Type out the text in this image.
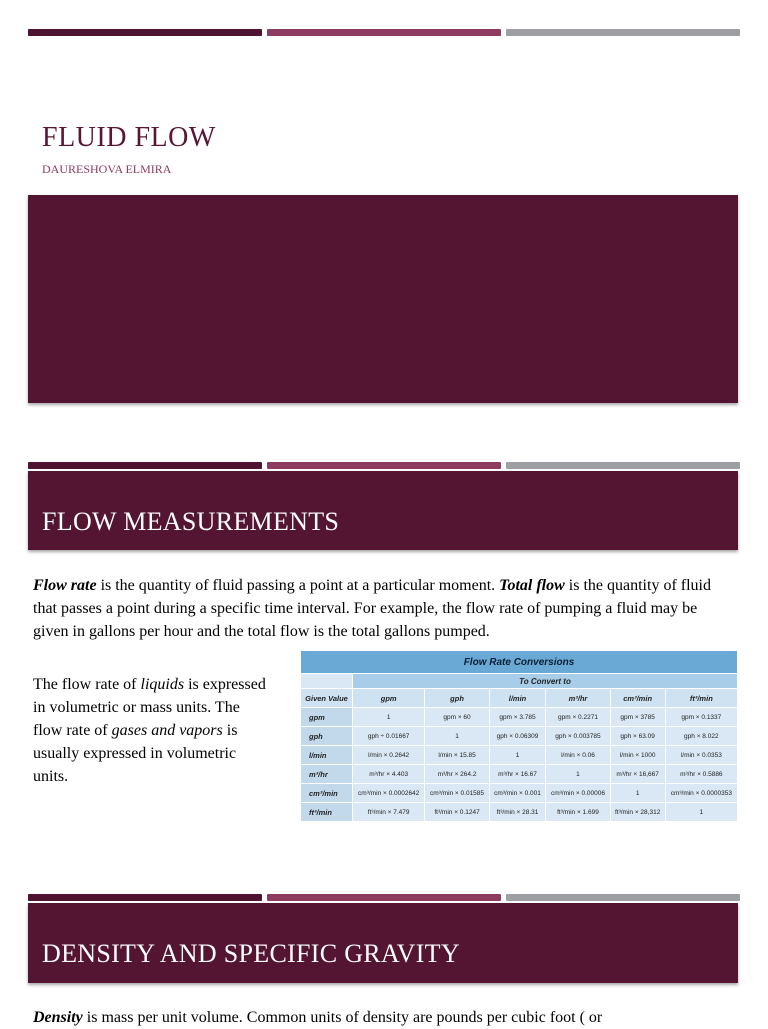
FLUID FLOW
DAURESHOVA ELMIRA
FLOW MEASUREMENTS
Flow rate is the quantity of fluid passing a point at a particular moment. Total flow is the quantity of fluid that passes a point during a specific time interval. For example, the flow rate of pumping a fluid may be given in gallons per hour and the total flow is the total gallons pumped.
The flow rate of liquids is expressed in volumetric or mass units. The flow rate of gases and vapors is usually expressed in volumetric units.
Flow Rate Conversions						
	To Convert to					
Given Value	gpm	gph	l/min	m³/hr	cm³/min	ft³/min
gpm	1	gpm × 60	gpm × 3.785	gpm × 0.2271	gpm × 3785	gpm × 0.1337
gph	gph ÷ 0.01667	1	gph × 0.06309	gph × 0.003785	gph × 63.09	gph × 8.022
l/min	l/min × 0.2642	l/min × 15.85	1	l/min × 0.06	l/min × 1000	l/min × 0.0353
m³/hr	m³/hr × 4.403	m³/hr × 264.2	m³/hr × 16.67	1	m³/hr × 16,667	m³/hr × 0.5886
cm³/min	cm³/min × 0.0002642	cm³/min × 0.01585	cm³/min × 0.001	cm³/min × 0.00006	1	cm³/min × 0.0000353
ft³/min	ft³/min × 7.479	ft³/min × 0.1247	ft³/min × 28.31	ft³/min × 1.699	ft³/min × 28,312	1
DENSITY AND SPECIFIC GRAVITY
Density is mass per unit volume. Common units of density are pounds per cubic foot ( or
